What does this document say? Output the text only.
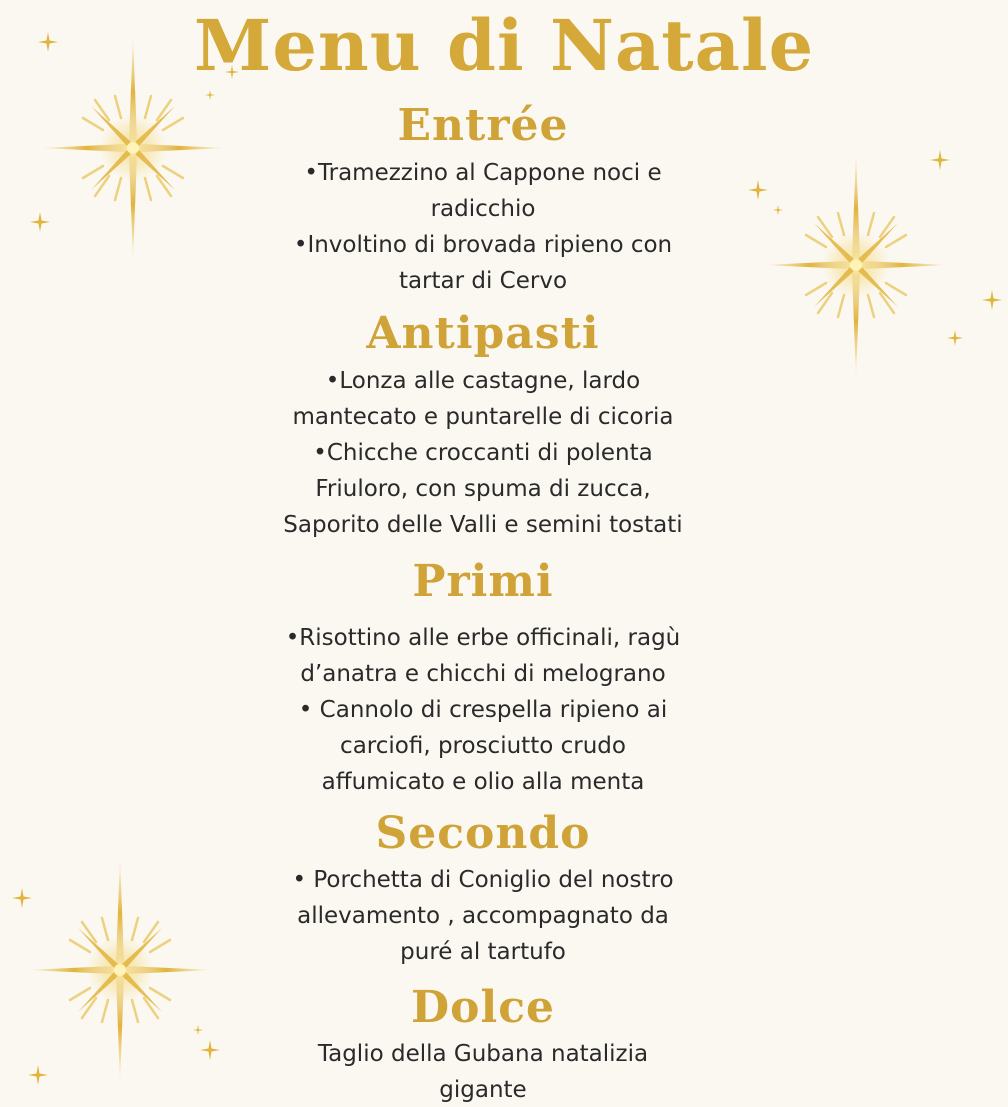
Menu di Natale
Entrée
•Tramezzino al Cappone noci e
radicchio
•Involtino di brovada ripieno con
tartar di Cervo
Antipasti
•Lonza alle castagne, lardo
mantecato e puntarelle di cicoria
•Chicche croccanti di polenta
Friuloro, con spuma di zucca,
Saporito delle Valli e semini tostati
Primi
•Risottino alle erbe officinali, ragù
d’anatra e chicchi di melograno
• Cannolo di crespella ripieno ai
carciofi, prosciutto crudo
affumicato e olio alla menta
Secondo
• Porchetta di Coniglio del nostro
allevamento , accompagnato da
puré al tartufo
Dolce
Taglio della Gubana natalizia
gigante
